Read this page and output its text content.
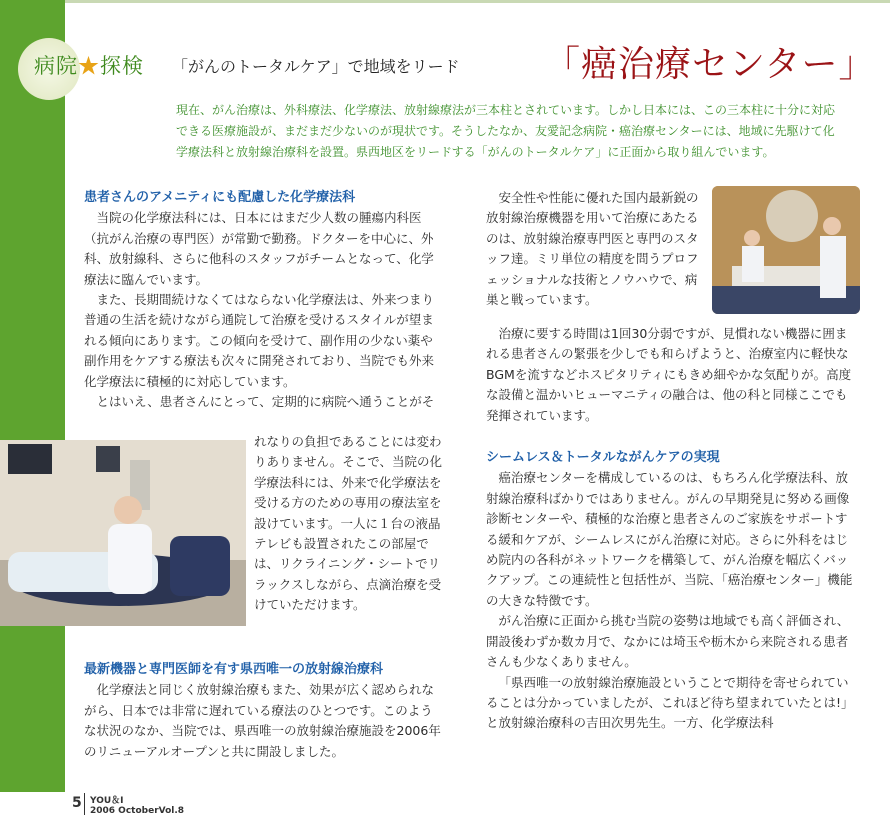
病院★探検 「がんのトータルケア」で地域をリード 「癌治療センター」
現在、がん治療は、外科療法、化学療法、放射線療法が三本柱とされています。しかし日本には、この三本柱に十分に対応できる医療施設が、まだまだ少ないのが現状です。そうしたなか、友愛記念病院・癌治療センターには、地域に先駆けて化学療法科と放射線治療科を設置。県西地区をリードする「がんのトータルケア」に正面から取り組んでいます。
患者さんのアメニティにも配慮した化学療法科

当院の化学療法科には、日本にはまだ少人数の腫瘍内科医（抗がん治療の専門医）が常勤で勤務。ドクターを中心に、外科、放射線科、さらに他科のスタッフがチームとなって、化学療法に臨んでいます。

また、長期間続けなくてはならない化学療法は、外来つまり普通の生活を続けながら通院して治療を受けるスタイルが望まれる傾向にあります。この傾向を受けて、副作用の少ない薬や副作用をケアする療法も次々に開発されており、当院でも外来化学療法に積極的に対応しています。

とはいえ、患者さんにとって、定期的に病院へ通うことがそ

れなりの負担であることには変わりありません。そこで、当院の化学療法科には、外来で化学療法を受ける方のための専用の療法室を設けています。一人に１台の液晶テレビも設置されたこの部屋では、リクライニング・シートでリラックスしながら、点滴治療を受けていただけます。

最新機器と専門医師を有す県西唯一の放射線治療科

化学療法と同じく放射線治療もまた、効果が広く認められながら、日本では非常に遅れている療法のひとつです。このような状況のなか、当院では、県西唯一の放射線治療施設を2006年のリニューアルオープンと共に開設しました。

安全性や性能に優れた国内最新鋭の放射線治療機器を用いて治療にあたるのは、放射線治療専門医と専門のスタッフ達。ミリ単位の精度を問うプロフェッショナルな技術とノウハウで、病巣と戦っています。

治療に要する時間は1回30分弱ですが、見慣れない機器に囲まれる患者さんの緊張を少しでも和らげようと、治療室内に軽快なBGMを流すなどホスピタリティにもきめ細やかな気配りが。高度な設備と温かいヒューマニティの融合は、他の科と同様ここでも発揮されています。

シームレス＆トータルながんケアの実現

癌治療センターを構成しているのは、もちろん化学療法科、放射線治療科ばかりではありません。がんの早期発見に努める画像診断センターや、積極的な治療と患者さんのご家族をサポートする緩和ケアが、シームレスにがん治療に対応。さらに外科をはじめ院内の各科がネットワークを構築して、がん治療を幅広くバックアップ。この連続性と包括性が、当院、「癌治療センター」機能の大きな特徴です。

がん治療に正面から挑む当院の姿勢は地域でも高く評価され、開設後わずか数カ月で、なかには埼玉や栃木から来院される患者さんも少なくありません。

「県西唯一の放射線治療施設ということで期待を寄せられていることは分かっていましたが、これほど待ち望まれていたとは!」と放射線治療科の吉田次男先生。一方、化学療法科

5 YOU＆I
2006 OctoberVol.8
